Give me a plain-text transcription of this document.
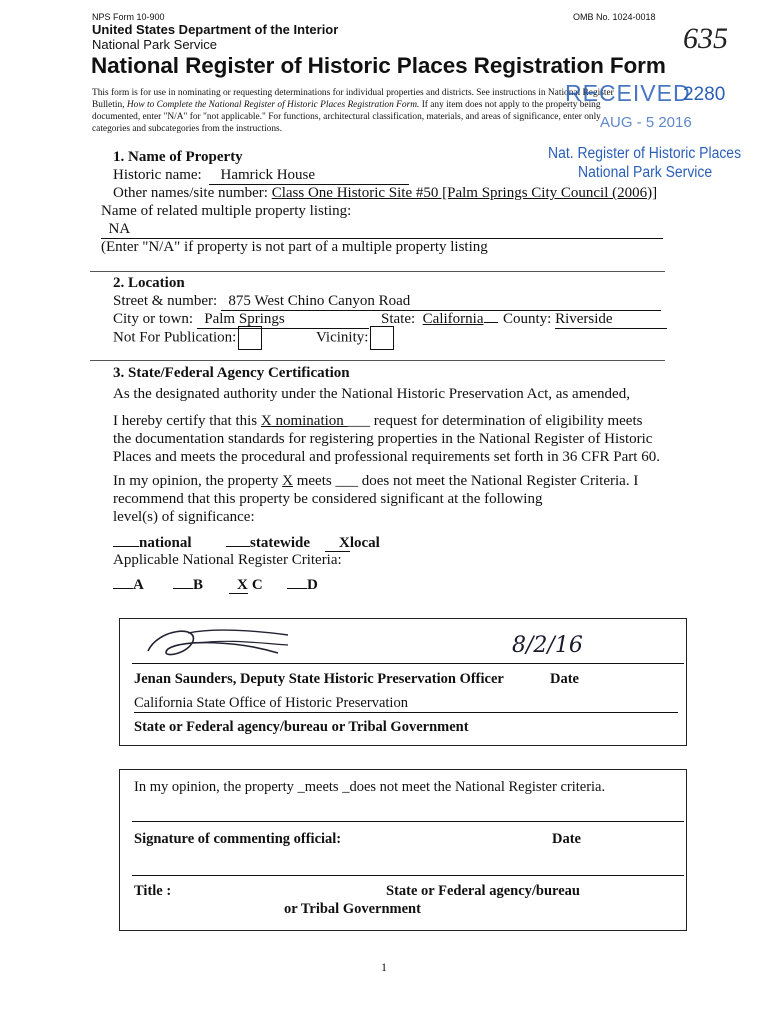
NPS Form 10-900	OMB No. 1024-0018
United States Department of the Interior
National Park Service	635
National Register of Historic Places Registration Form
This form is for use in nominating or requesting determinations for individual properties and districts. See instructions in National Register
Bulletin, How to Complete the National Register of Historic Places Registration Form. If any item does not apply to the property being
documented, enter "N/A" for "not applicable." For functions, architectural classification, materials, and areas of significance, enter only
categories and subcategories from the instructions.
RECEIVED
2280
AUG - 5 2016
Nat. Register of Historic Places
National Park Service
1. Name of Property
Historic name: Hamrick House
Other names/site number: Class One Historic Site #50 [Palm Springs City Council (2006)]
Name of related multiple property listing:
NA
(Enter "N/A" if property is not part of a multiple property listing
2. Location
Street & number: 875 West Chino Canyon Road
City or town: Palm Springs	State: California	County: Riverside
Not For Publication:	Vicinity:
3. State/Federal Agency Certification
As the designated authority under the National Historic Preservation Act, as amended,
I hereby certify that this X nomination ___ request for determination of eligibility meets
the documentation standards for registering properties in the National Register of Historic
Places and meets the procedural and professional requirements set forth in 36 CFR Part 60.
In my opinion, the property X meets ___ does not meet the National Register Criteria. I
recommend that this property be considered significant at the following
level(s) of significance:
national	statewide	Xlocal
Applicable National Register Criteria:
A	B	X C	D
8/2/16
Jenan Saunders, Deputy State Historic Preservation Officer	Date
California State Office of Historic Preservation
State or Federal agency/bureau or Tribal Government
In my opinion, the property _meets _does not meet the National Register criteria.
Signature of commenting official:	Date
Title :	State or Federal agency/bureau
or Tribal Government
1
